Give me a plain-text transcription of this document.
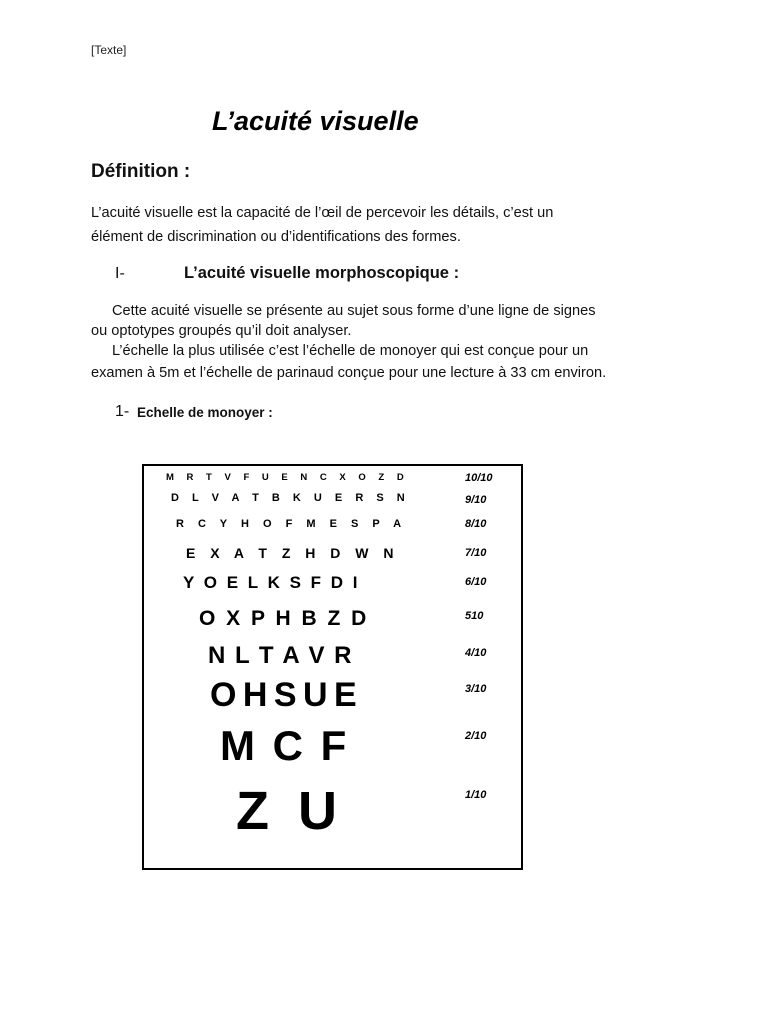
[Texte]
L’acuité visuelle
Définition :

L’acuité visuelle est la capacité de l’œil de percevoir les détails, c’est un

élément de discrimination ou d’identifications des formes.

I-	L’acuité visuelle morphoscopique :

Cette acuité visuelle se présente au sujet sous forme d’une ligne de signes

ou optotypes groupés qu’il doit analyser.

L’échelle la plus utilisée c’est l’échelle de monoyer qui est conçue pour un

examen à 5m et l’échelle de parinaud conçue pour une lecture à 33 cm environ.

1- Echelle de monoyer :
M R T V F U E N C X O Z D	10/10
D L V A T B K U E R S N	9/10
R C Y H O F M E S P A	8/10
E X A T Z H D W N	7/10
Y O E L K S F D I	6/10
O X P H B Z D	510
N L T A V R	4/10
O H S U E	3/10
M C F	2/10
Z U	1/10
